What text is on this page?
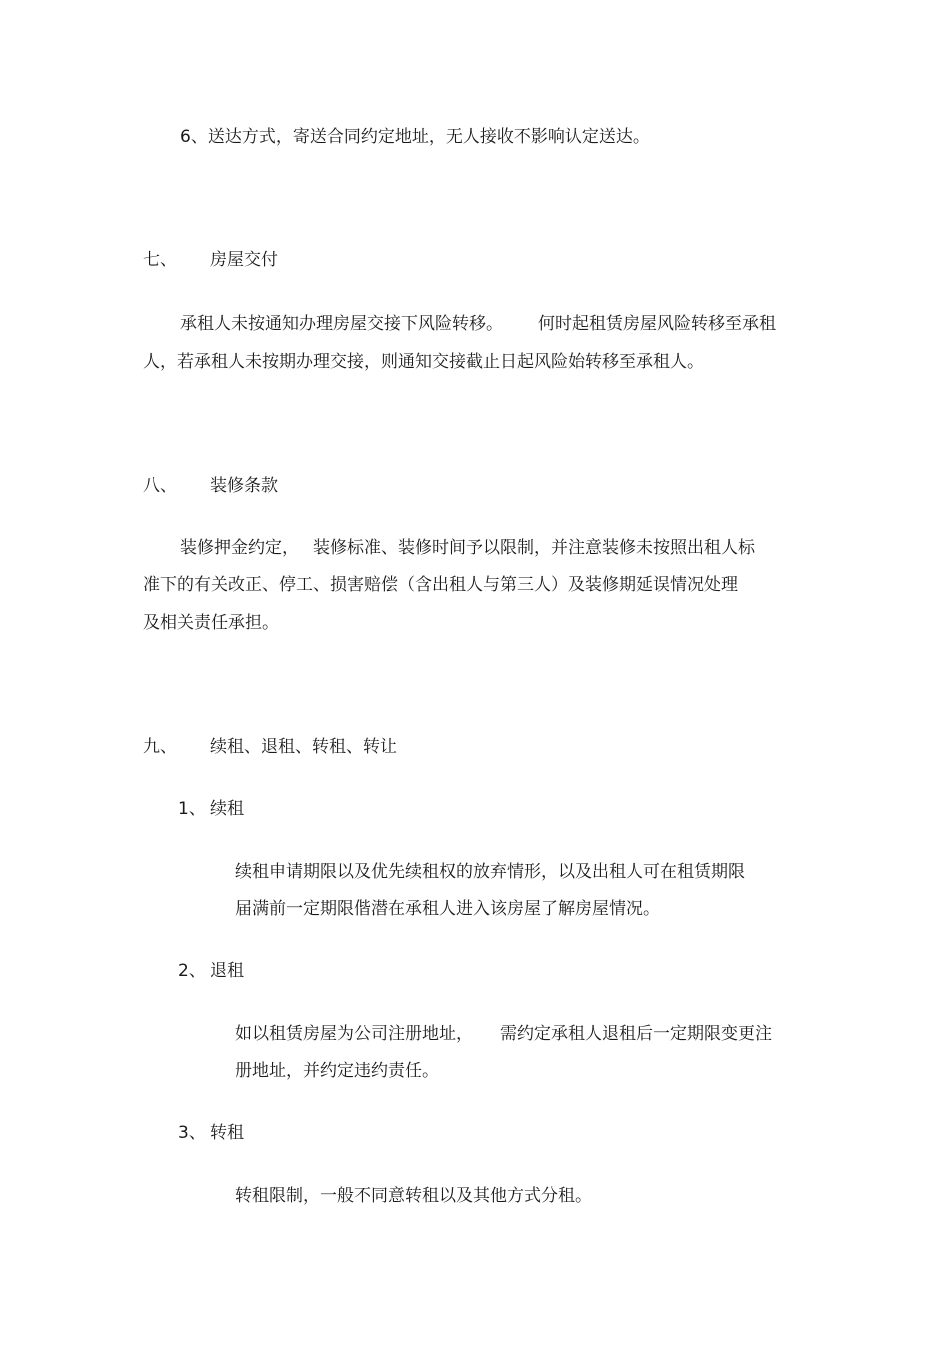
6、送达方式，寄送合同约定地址，无人接收不影响认定送达。
七、 房屋交付
承租人未按通知办理房屋交接下风险转移。 何时起租赁房屋风险转移至承租
人，若承租人未按期办理交接，则通知交接截止日起风险始转移至承租人。
八、 装修条款
装修押金约定， 装修标准、装修时间予以限制，并注意装修未按照出租人标
准下的有关改正、停工、损害赔偿（含出租人与第三人）及装修期延误情况处理
及相关责任承担。
九、 续租、退租、转租、转让
1、 续租
续租申请期限以及优先续租权的放弃情形，以及出租人可在租赁期限
届满前一定期限偕潜在承租人进入该房屋了解房屋情况。
2、 退租
如以租赁房屋为公司注册地址， 需约定承租人退租后一定期限变更注
册地址，并约定违约责任。
3、 转租
转租限制，一般不同意转租以及其他方式分租。
